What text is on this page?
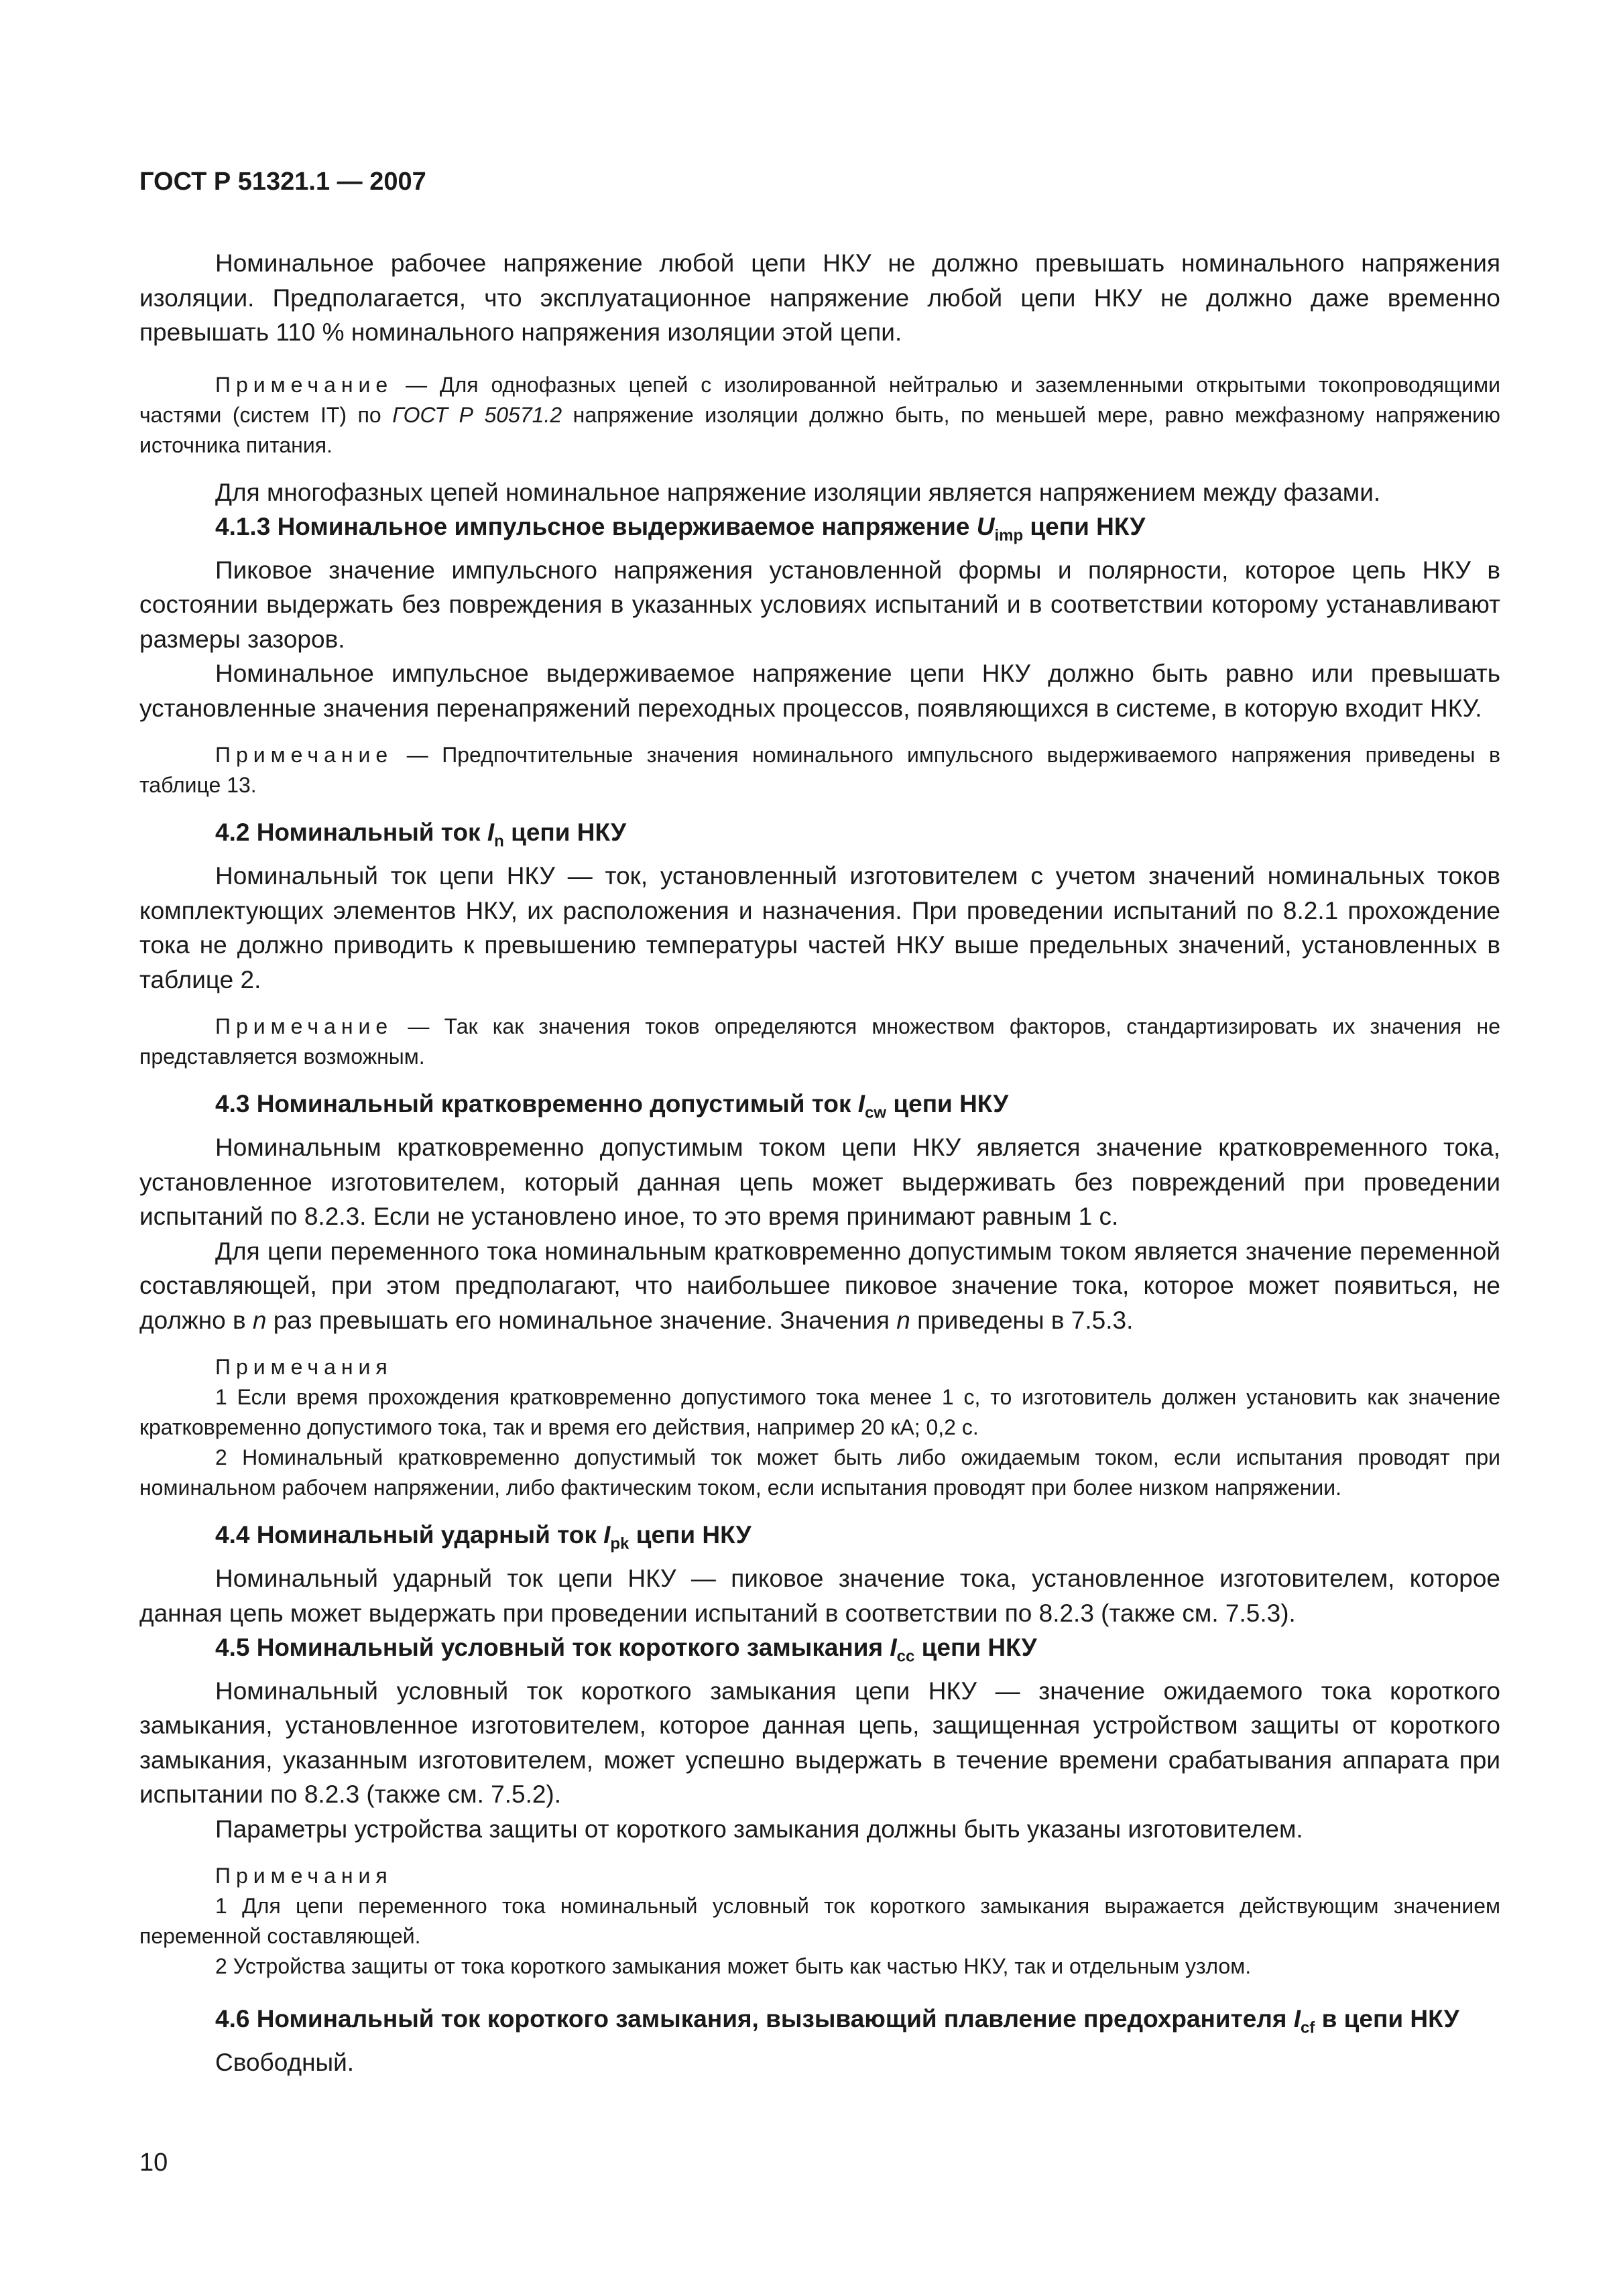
ГОСТ Р 51321.1 — 2007

Номинальное рабочее напряжение любой цепи НКУ не должно превышать номинального напряжения изоляции. Предполагается, что эксплуатационное напряжение любой цепи НКУ не должно даже временно превышать 110 % номинального напряжения изоляции этой цепи.

Примечание — Для однофазных цепей с изолированной нейтралью и заземленными открытыми токопроводящими частями (систем IT) по ГОСТ Р 50571.2 напряжение изоляции должно быть, по меньшей мере, равно межфазному напряжению источника питания.

Для многофазных цепей номинальное напряжение изоляции является напряжением между фазами.

4.1.3 Номинальное импульсное выдерживаемое напряжение $U_{imp}$ цепи НКУ

Пиковое значение импульсного напряжения установленной формы и полярности, которое цепь НКУ в состоянии выдержать без повреждения в указанных условиях испытаний и в соответствии которому устанавливают размеры зазоров.

Номинальное импульсное выдерживаемое напряжение цепи НКУ должно быть равно или превышать установленные значения перенапряжений переходных процессов, появляющихся в системе, в которую входит НКУ.

Примечание — Предпочтительные значения номинального импульсного выдерживаемого напряжения приведены в таблице 13.

4.2 Номинальный ток $I_n$ цепи НКУ

Номинальный ток цепи НКУ — ток, установленный изготовителем с учетом значений номинальных токов комплектующих элементов НКУ, их расположения и назначения. При проведении испытаний по 8.2.1 прохождение тока не должно приводить к превышению температуры частей НКУ выше предельных значений, установленных в таблице 2.

Примечание — Так как значения токов определяются множеством факторов, стандартизировать их значения не представляется возможным.

4.3 Номинальный кратковременно допустимый ток $I_{cw}$ цепи НКУ

Номинальным кратковременно допустимым током цепи НКУ является значение кратковременного тока, установленное изготовителем, который данная цепь может выдерживать без повреждений при проведении испытаний по 8.2.3. Если не установлено иное, то это время принимают равным 1 с.

Для цепи переменного тока номинальным кратковременно допустимым током является значение переменной составляющей, при этом предполагают, что наибольшее пиковое значение тока, которое может появиться, не должно в n раз превышать его номинальное значение. Значения n приведены в 7.5.3.

Примечания

1 Если время прохождения кратковременно допустимого тока менее 1 с, то изготовитель должен установить как значение кратковременно допустимого тока, так и время его действия, например 20 кА; 0,2 с.

2 Номинальный кратковременно допустимый ток может быть либо ожидаемым током, если испытания проводят при номинальном рабочем напряжении, либо фактическим током, если испытания проводят при более низком напряжении.

4.4 Номинальный ударный ток $I_{pk}$ цепи НКУ

Номинальный ударный ток цепи НКУ — пиковое значение тока, установленное изготовителем, которое данная цепь может выдержать при проведении испытаний в соответствии по 8.2.3 (также см. 7.5.3).

4.5 Номинальный условный ток короткого замыкания $I_{cc}$ цепи НКУ

Номинальный условный ток короткого замыкания цепи НКУ — значение ожидаемого тока короткого замыкания, установленное изготовителем, которое данная цепь, защищенная устройством защиты от короткого замыкания, указанным изготовителем, может успешно выдержать в течение времени срабатывания аппарата при испытании по 8.2.3 (также см. 7.5.2).

Параметры устройства защиты от короткого замыкания должны быть указаны изготовителем.

Примечания

1 Для цепи переменного тока номинальный условный ток короткого замыкания выражается действующим значением переменной составляющей.

2 Устройства защиты от тока короткого замыкания может быть как частью НКУ, так и отдельным узлом.

4.6 Номинальный ток короткого замыкания, вызывающий плавление предохранителя $I_{cf}$ в цепи НКУ

Свободный.

10
